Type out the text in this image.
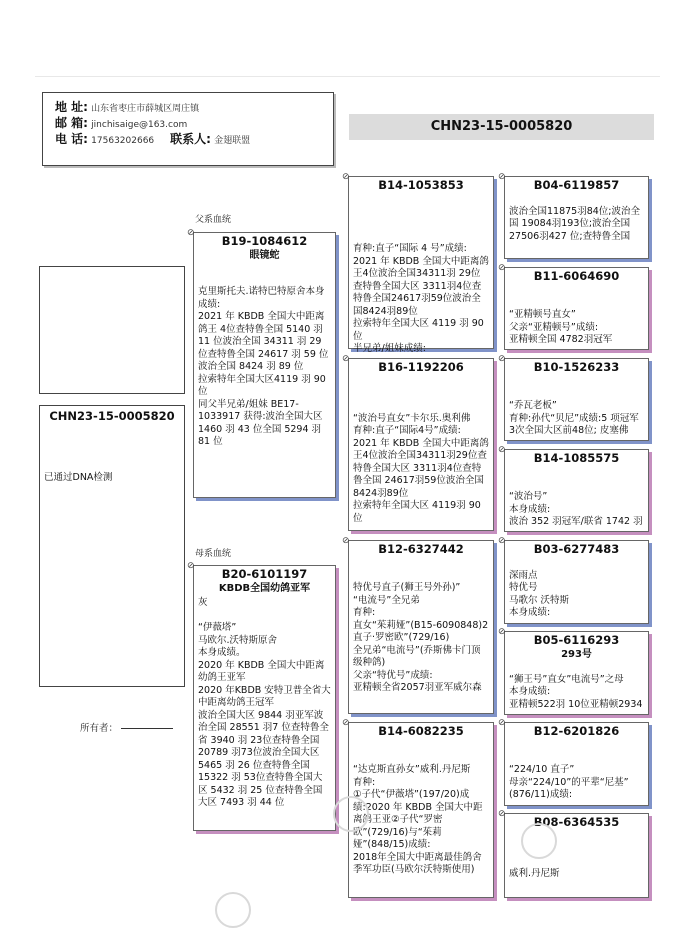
地 址: 山东省枣庄市薛城区周庄镇
邮 箱: jinchisaige@163.com
电 话: 17563202666 联系人: 金翅联盟
CHN23-15-0005820
父系血统
母系血统
CHN23-15-0005820
已通过DNA检测
所有者：
⊘
B19-1084612
眼镜蛇
克里斯托夫.诺特巴特原舍本身
成绩:
2021 年 KBDB 全国大中距离鸽王 4位查特鲁全国 5140 羽 11 位波治全国 34311 羽 29 位查特鲁全国 24617 羽 59 位波治全国 8424 羽 89 位
拉索特年全国大区4119 羽 90 位
同父半兄弟/姐妹 BE17-1033917 获得:波治全国大区 1460 羽 43 位全国 5294 羽 81 位
⊘
B20-6101197
KBDB全国幼鸽亚军
灰

“伊薇塔”
马欧尔.沃特斯原舍
本身成绩。
2020 年 KBDB 全国大中距离幼鸽王亚军
2020 年KBDB 安特卫普全省大中距离幼鸽王冠军
波治全国大区 9844 羽亚军波治全国 28551 羽7 位查特鲁全省 3940 羽 23位查特鲁全国 20789 羽73位波治全国大区 5465 羽 26 位查特鲁全国 15322 羽 53位查特鲁全国大区 5432 羽 25 位查特鲁全国大区 7493 羽 44 位
⊘
B14-1053853

育种:直子“国际 4 号”成绩:
2021 年 KBDB 全国大中距离鸽王4位波治全国34311羽 29位查特鲁全国大区 3311羽4位查特鲁全国24617羽59位波治全国8424羽89位
拉索特年全国大区 4119 羽 90 位
半兄弟/姐妹成绩:
⊘
B16-1192206

“波治号直女”卡尔乐.奥利佛
育种:直子“国际4号”成绩:
2021 年 KBDB 全国大中距离鸽王4位波治全国34311羽29位查特鲁全国大区 3311羽4位查特鲁全国 24617羽59位波治全国8424羽89位
拉索特年全国大区 4119羽 90 位
⊘
B12-6327442

特优号直子(狮王号外孙)”
“电流号”全兄弟
育种:
直女“茱莉娅”(B15-6090848)2
直子·罗密欧”(729/16)
全兄弟“电流号”(乔斯佛卡门顶级种鸽)
父亲“特优号”成绩:
亚精顿全省2057羽亚军威尔森
⊘
B14-6082235

“达克斯直孙女”威利.丹尼斯
育种:
①子代“伊薇塔”(197/20)成绩:2020 年 KBDB 全国大中距离鸽王亚②子代“罗密欧”(729/16)与“茱莉娅”(848/15)成绩:
2018年全国大中距离最佳鸽舍季军功臣(马欧尔沃特斯使用)
⊘
B04-6119857

波治全国11875羽84位;波治全国 19084羽193位;波治全国 27506羽427 位;查特鲁全国
⊘
B11-6064690

“亚精顿号直女”
父亲“亚精顿号”成绩:
亚精顿全国 4782羽冠军
⊘
B10-1526233

“乔瓦老板”
育种:孙代“贝尼”成绩:5 项冠军
3次全国大区前48位; 皮塞佛
⊘
B14-1085575

“波治号”
本身成绩:
波治 352 羽冠军/联省 1742 羽
⊘
B03-6277483

深雨点
特优号
马歌尔 沃特斯
本身成绩:
⊘
B05-6116293
293号

“狮王号”直女”电流号”之母
本身成绩:
亚精顿522羽 10位亚精顿2934
⊘
B12-6201826

“224/10 直子”
母亲“224/10”的平辈“尼基”
(876/11)成绩:
⊘
B08-6364535

威利.丹尼斯
